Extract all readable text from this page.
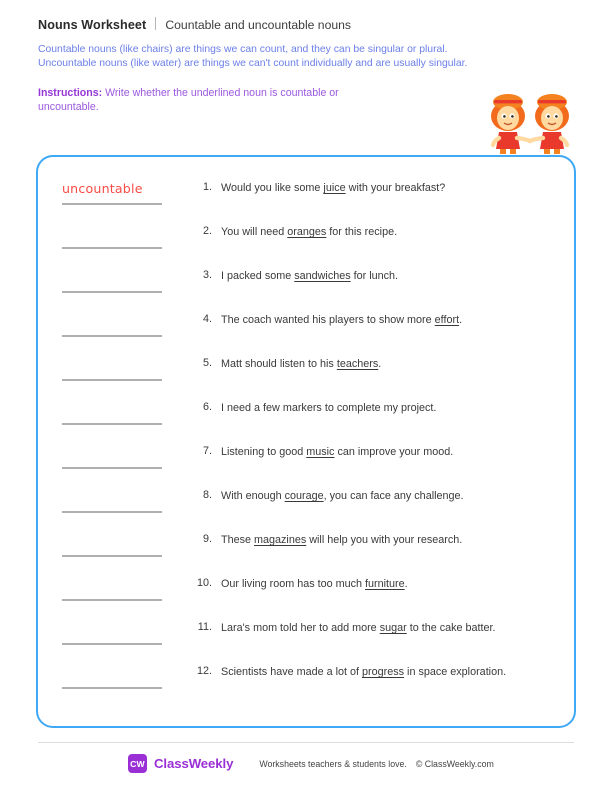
Nouns Worksheet Countable and uncountable nouns
Countable nouns (like chairs) are things we can count, and they can be singular or plural.
Uncountable nouns (like water) are things we can't count individually and are usually singular.
Instructions: Write whether the underlined noun is countable or uncountable.
uncountable	1. Would you like some juice with your breakfast?
2. You will need oranges for this recipe.
3. I packed some sandwiches for lunch.
4. The coach wanted his players to show more effort.
5. Matt should listen to his teachers.
6. I need a few markers to complete my project.
7. Listening to good music can improve your mood.
8. With enough courage, you can face any challenge.
9. These magazines will help you with your research.
10. Our living room has too much furniture.
11. Lara's mom told her to add more sugar to the cake batter.
12. Scientists have made a lot of progress in space exploration.
CW ClassWeekly	Worksheets teachers & students love. © ClassWeekly.com
